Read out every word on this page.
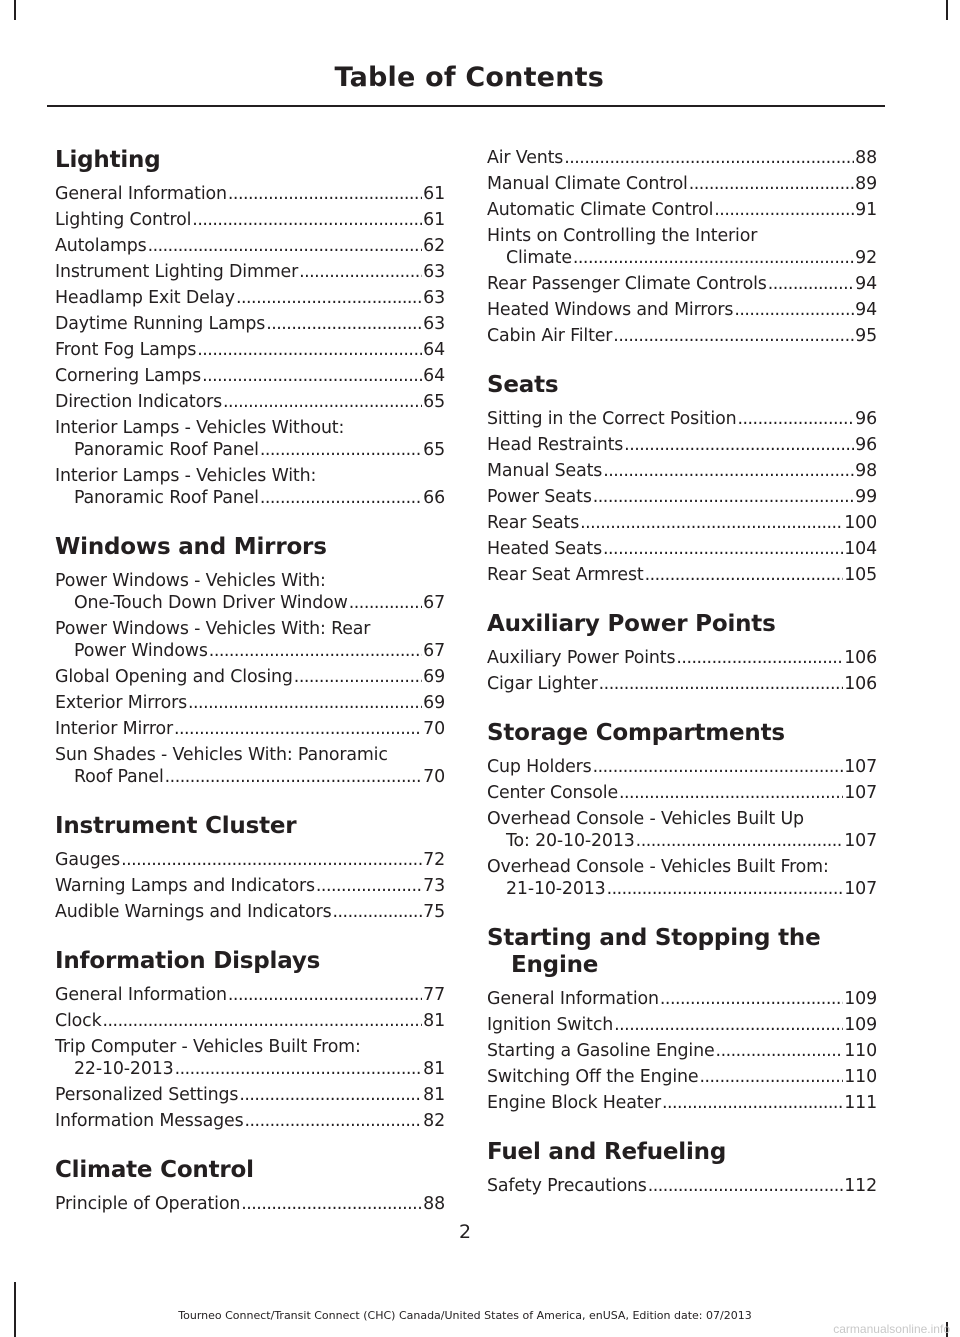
Table of Contents
Lighting
General Information .....	61
Lighting Control .....	61
Autolamps .....	62
Instrument Lighting Dimmer .....	63
Headlamp Exit Delay .....	63
Daytime Running Lamps .....	63
Front Fog Lamps .....	64
Cornering Lamps .....	64
Direction Indicators .....	65
Interior Lamps - Vehicles Without:
Panoramic Roof Panel .....	65
Interior Lamps - Vehicles With:
Panoramic Roof Panel .....	66
Windows and Mirrors
Power Windows - Vehicles With:
One-Touch Down Driver Window .....	67
Power Windows - Vehicles With: Rear
Power Windows .....	67
Global Opening and Closing .....	69
Exterior Mirrors .....	69
Interior Mirror .....	70
Sun Shades - Vehicles With: Panoramic
Roof Panel .....	70
Instrument Cluster
Gauges .....	72
Warning Lamps and Indicators .....	73
Audible Warnings and Indicators .....	75
Information Displays
General Information .....	77
Clock .....	81
Trip Computer - Vehicles Built From:
22-10-2013 .....	81
Personalized Settings .....	81
Information Messages .....	82
Climate Control
Principle of Operation .....	88
Air Vents .....	88
Manual Climate Control .....	89
Automatic Climate Control .....	91
Hints on Controlling the Interior
Climate .....	92
Rear Passenger Climate Controls .....	94
Heated Windows and Mirrors .....	94
Cabin Air Filter .....	95
Seats
Sitting in the Correct Position .....	96
Head Restraints .....	96
Manual Seats .....	98
Power Seats .....	99
Rear Seats .....	100
Heated Seats .....	104
Rear Seat Armrest .....	105
Auxiliary Power Points
Auxiliary Power Points .....	106
Cigar Lighter .....	106
Storage Compartments
Cup Holders .....	107
Center Console .....	107
Overhead Console - Vehicles Built Up
To: 20-10-2013 .....	107
Overhead Console - Vehicles Built From:
21-10-2013 .....	107
Starting and Stopping the
Engine
General Information .....	109
Ignition Switch .....	109
Starting a Gasoline Engine .....	110
Switching Off the Engine .....	110
Engine Block Heater .....	111
Fuel and Refueling
Safety Precautions .....	112
2
Tourneo Connect/Transit Connect (CHC) Canada/United States of America, enUSA, Edition date: 07/2013
carmanualsonline.info
